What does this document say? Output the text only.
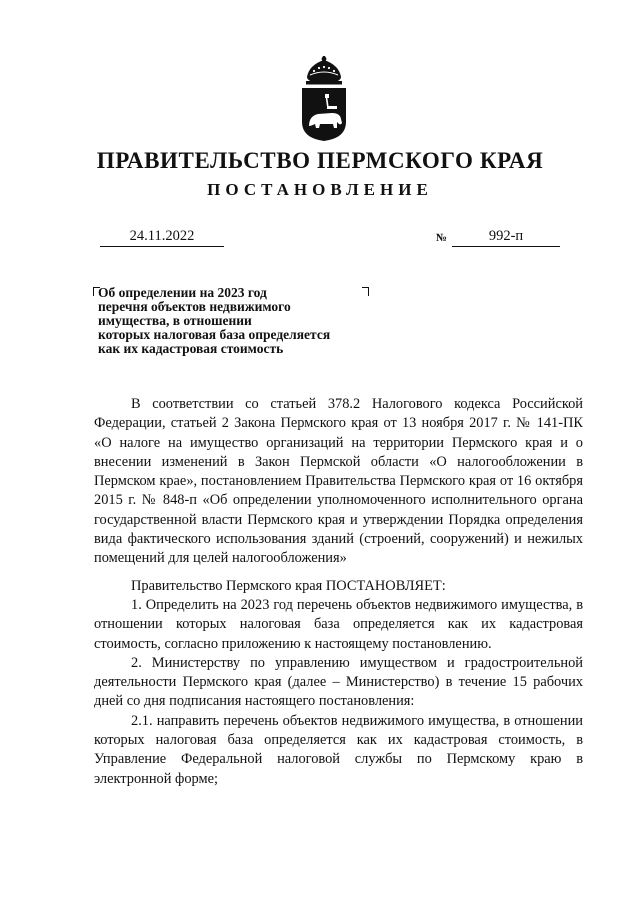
ПРАВИТЕЛЬСТВО ПЕРМСКОГО КРАЯ
ПОСТАНОВЛЕНИЕ
24.11.2022	№	992-п
Об определении на 2023 год
перечня объектов недвижимого
имущества, в отношении
которых налоговая база определяется
как их кадастровая стоимость

В соответствии со статьей 378.2 Налогового кодекса Российской Федерации, статьей 2 Закона Пермского края от 13 ноября 2017 г. № 141-ПК «О налоге на имущество организаций на территории Пермского края и о внесении изменений в Закон Пермской области «О налогообложении в Пермском крае», постановлением Правительства Пермского края от 16 октября 2015 г. № 848-п «Об определении уполномоченного исполнительного органа государственной власти Пермского края и утверждении Порядка определения вида фактического использования зданий (строений, сооружений) и нежилых помещений для целей налогообложения»

Правительство Пермского края ПОСТАНОВЛЯЕТ:

1. Определить на 2023 год перечень объектов недвижимого имущества, в отношении которых налоговая база определяется как их кадастровая стоимость, согласно приложению к настоящему постановлению.

2. Министерству по управлению имуществом и градостроительной деятельности Пермского края (далее – Министерство) в течение 15 рабочих дней со дня подписания настоящего постановления:

2.1. направить перечень объектов недвижимого имущества, в отношении которых налоговая база определяется как их кадастровая стоимость, в Управление Федеральной налоговой службы по Пермскому краю в электронной форме;
